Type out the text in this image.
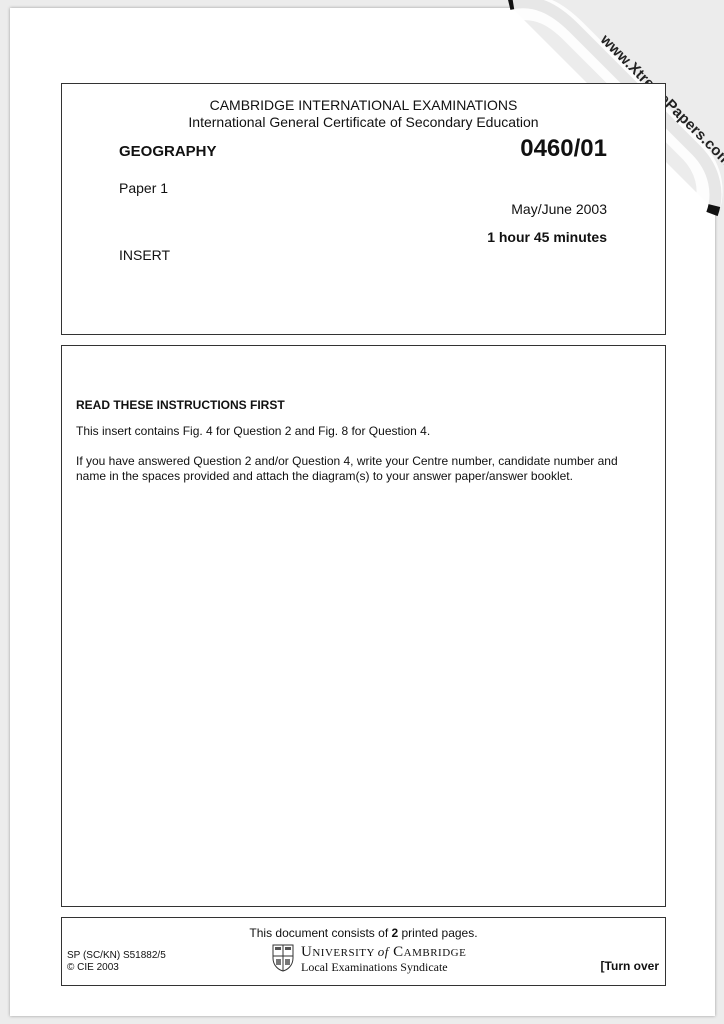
CAMBRIDGE INTERNATIONAL EXAMINATIONS
International General Certificate of Secondary Education
GEOGRAPHY	0460/01
Paper 1
May/June 2003
1 hour 45 minutes
INSERT
READ THESE INSTRUCTIONS FIRST
This insert contains Fig. 4 for Question 2 and Fig. 8 for Question 4.
If you have answered Question 2 and/or Question 4, write your Centre number, candidate number and
name in the spaces provided and attach the diagram(s) to your answer paper/answer booklet.
This document consists of 2 printed pages.
SP (SC/KN) S51882/5
© CIE 2003
UNIVERSITY of CAMBRIDGE
Local Examinations Syndicate	[Turn over
